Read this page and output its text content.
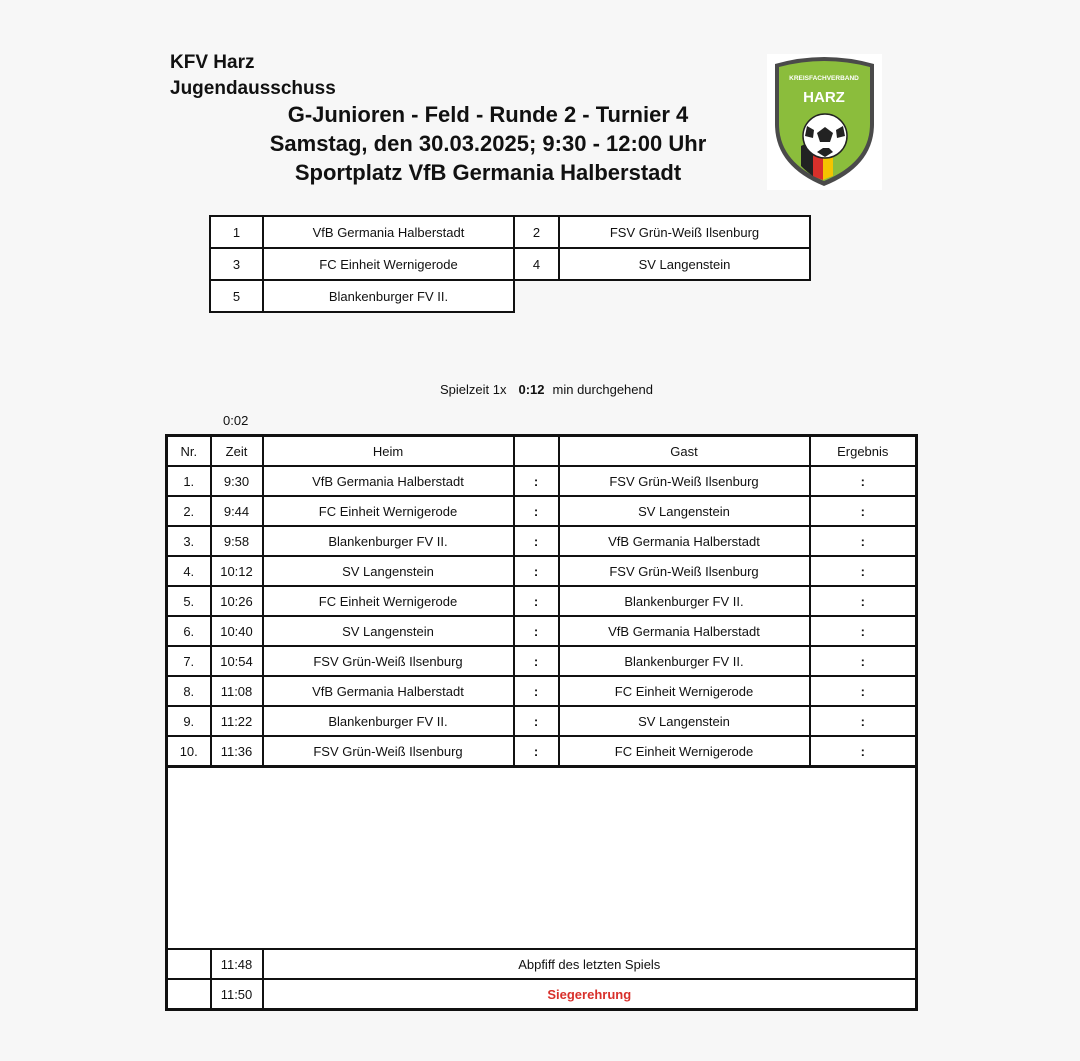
KFV Harz
Jugendausschuss
G-Junioren - Feld - Runde 2 - Turnier 4
Samstag, den 30.03.2025; 9:30 - 12:00 Uhr
Sportplatz VfB Germania Halberstadt
KREISFACHVERBAND
HARZ
1	VfB Germania Halberstadt	2	FSV Grün-Weiß Ilsenburg
3	FC Einheit Wernigerode	4	SV Langenstein
5	Blankenburger FV II.		
Spielzeit 1x 0:12 min durchgehend
0:02
Nr.	Zeit	Heim		Gast	Ergebnis
1.	9:30	VfB Germania Halberstadt	:	FSV Grün-Weiß Ilsenburg	:
2.	9:44	FC Einheit Wernigerode	:	SV Langenstein	:
3.	9:58	Blankenburger FV II.	:	VfB Germania Halberstadt	:
4.	10:12	SV Langenstein	:	FSV Grün-Weiß Ilsenburg	:
5.	10:26	FC Einheit Wernigerode	:	Blankenburger FV II.	:
6.	10:40	SV Langenstein	:	VfB Germania Halberstadt	:
7.	10:54	FSV Grün-Weiß Ilsenburg	:	Blankenburger FV II.	:
8.	11:08	VfB Germania Halberstadt	:	FC Einheit Wernigerode	:
9.	11:22	Blankenburger FV II.	:	SV Langenstein	:
10.	11:36	FSV Grün-Weiß Ilsenburg	:	FC Einheit Wernigerode	:

	11:48	Abpfiff des letzten Spiels			
	11:50	Siegerehrung			
